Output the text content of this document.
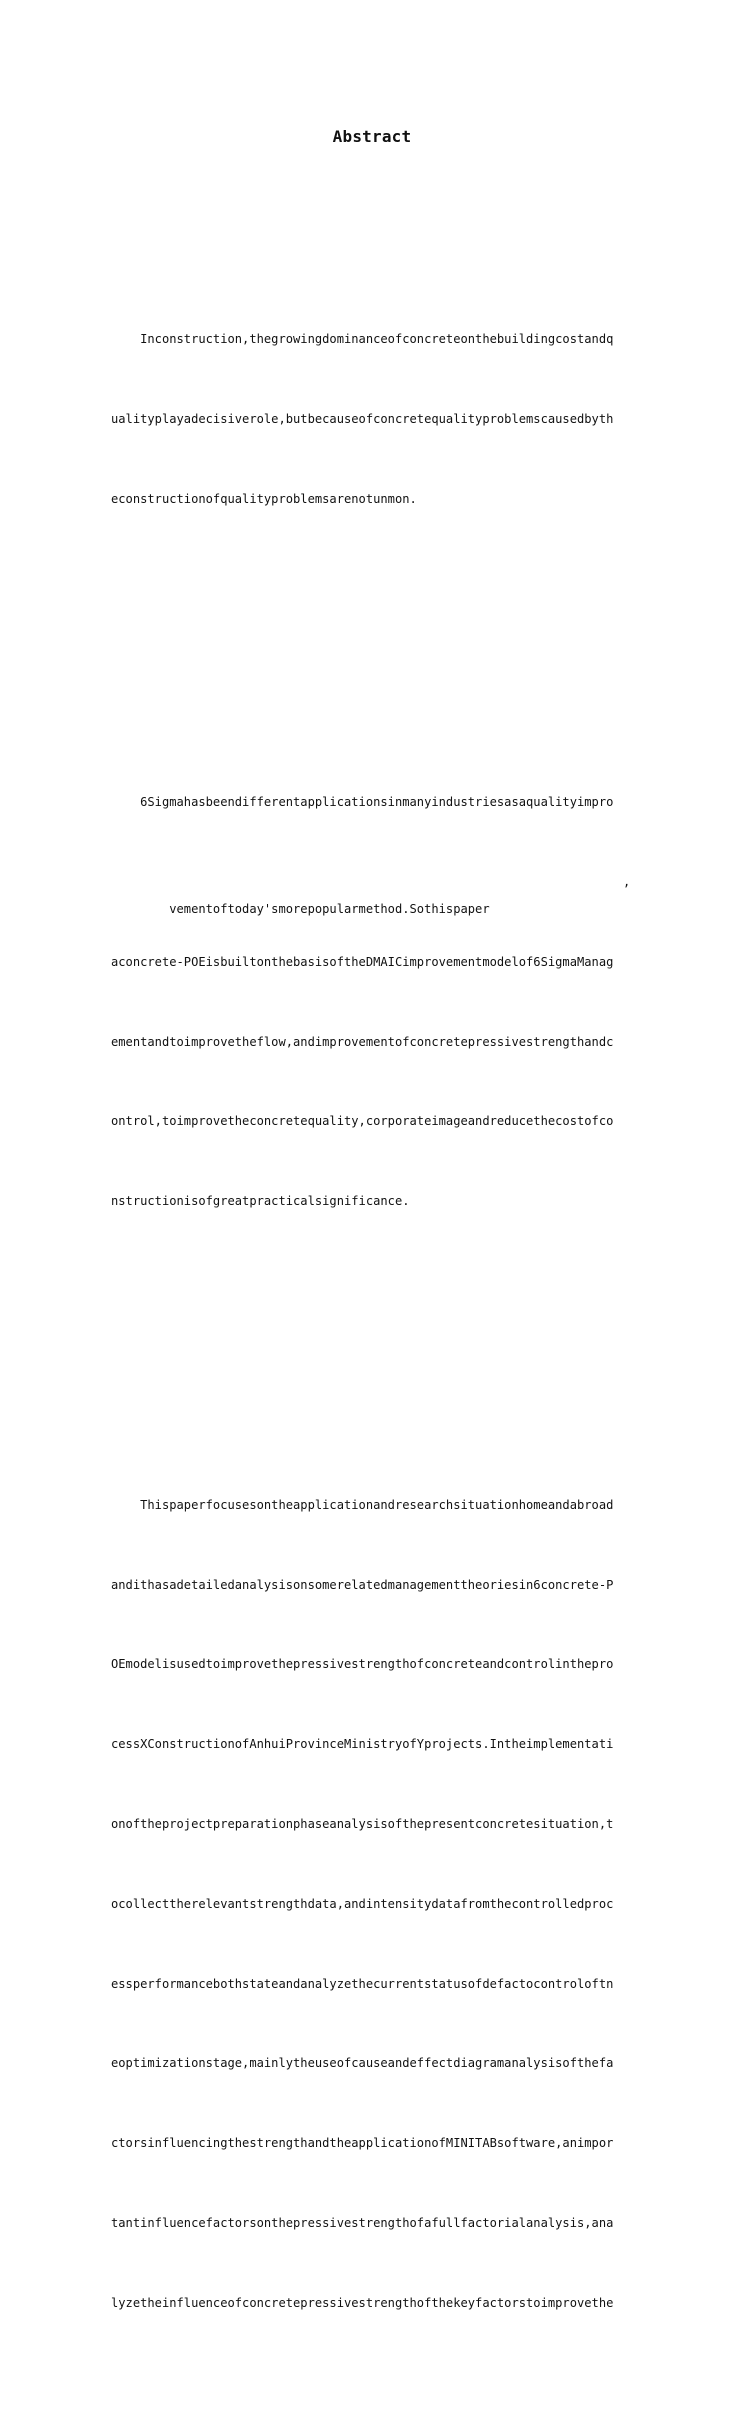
Abstract

Inconstruction,thegrowingdominanceofconcreteonthebuildingcostandq

ualityplayadecisiverole,butbecauseofconcretequalityproblemscausedbyth

econstructionofqualityproblemsarenotunmon.

6Sigmahasbeendifferentapplicationsinmanyindustriesasaqualityimpro

vementoftoday'smorepopularmethod.Sothispaper

,

aconcrete-POEisbuiltonthebasisoftheDMAICimprovementmodelof6SigmaManag

ementandtoimprovetheflow,andimprovementofconcretepressivestrengthandc

ontrol,toimprovetheconcretequality,corporateimageandreducethecostofco

nstructionisofgreatpracticalsignificance.

Thispaperfocusesontheapplicationandresearchsituationhomeandabroad

andithasadetailedanalysisonsomerelatedmanagementtheoriesin6concrete-P

OEmodelisusedtoimprovethepressivestrengthofconcreteandcontrolinthepro

cessXConstructionofAnhuiProvinceMinistryofYprojects.Intheimplementati

onoftheprojectpreparationphaseanalysisofthepresentconcretesituation,t

ocollecttherelevantstrengthdata,andintensitydatafromthecontrolledproc

essperformancebothstateandanalyzethecurrentstatusofdefactocontroloftn

eoptimizationstage,mainlytheuseofcauseandeffectdiagramanalysisofthefa

ctorsinfluencingthestrengthandtheapplicationofMINITABsoftware,animpor

tantinfluencefactorsonthepressivestrengthofafullfactorialanalysis,ana

lyzetheinfluenceofconcretepressivestrengthofthekeyfactorstoimprovethe
